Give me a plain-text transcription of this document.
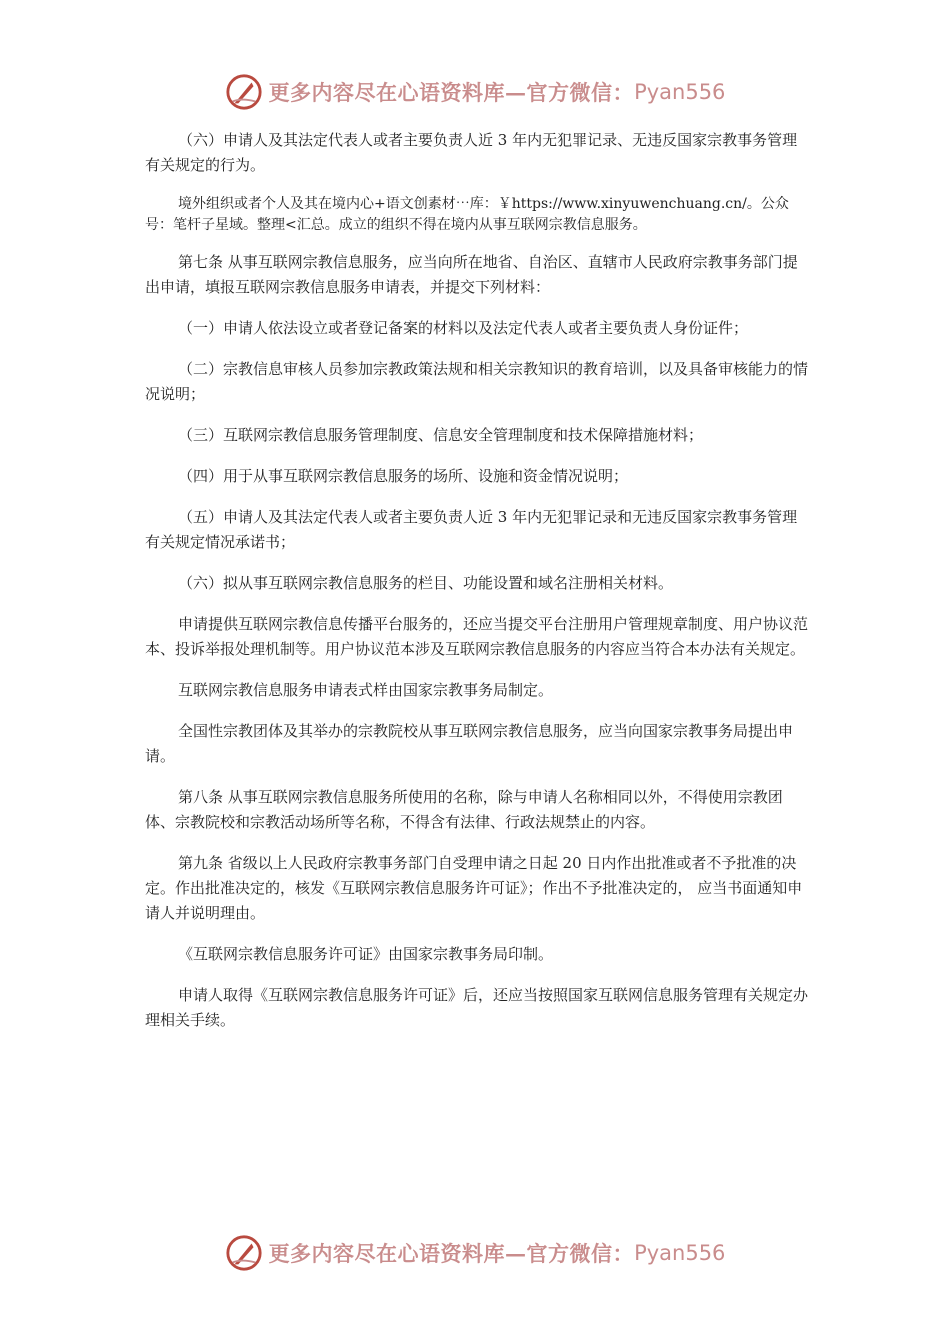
更多内容尽在心语资料库—官方微信： Pyan556

（六）申请人及其法定代表人或者主要负责人近 3 年内无犯罪记录、无违反国家宗教事务管理有关规定的行为。

境外组织或者个人及其在境内心+语文创素材⋯库：￥https://www.xinyuwenchuang.cn/。公众号：笔杆子星域。整理<汇总。成立的组织不得在境内从事互联网宗教信息服务。

第七条 从事互联网宗教信息服务，应当向所在地省、自治区、直辖市人民政府宗教事务部门提出申请，填报互联网宗教信息服务申请表，并提交下列材料：

（一）申请人依法设立或者登记备案的材料以及法定代表人或者主要负责人身份证件；

（二）宗教信息审核人员参加宗教政策法规和相关宗教知识的教育培训，以及具备审核能力的情况说明；

（三）互联网宗教信息服务管理制度、信息安全管理制度和技术保障措施材料；

（四）用于从事互联网宗教信息服务的场所、设施和资金情况说明；

（五）申请人及其法定代表人或者主要负责人近 3 年内无犯罪记录和无违反国家宗教事务管理有关规定情况承诺书；

（六）拟从事互联网宗教信息服务的栏目、功能设置和域名注册相关材料。

申请提供互联网宗教信息传播平台服务的，还应当提交平台注册用户管理规章制度、用户协议范本、投诉举报处理机制等。用户协议范本涉及互联网宗教信息服务的内容应当符合本办法有关规定。

互联网宗教信息服务申请表式样由国家宗教事务局制定。

全国性宗教团体及其举办的宗教院校从事互联网宗教信息服务，应当向国家宗教事务局提出申请。

第八条 从事互联网宗教信息服务所使用的名称，除与申请人名称相同以外，不得使用宗教团体、宗教院校和宗教活动场所等名称，不得含有法律、行政法规禁止的内容。

第九条 省级以上人民政府宗教事务部门自受理申请之日起 20 日内作出批准或者不予批准的决定。作出批准决定的，核发《互联网宗教信息服务许可证》；作出不予批准决定的， 应当书面通知申请人并说明理由。

《互联网宗教信息服务许可证》由国家宗教事务局印制。

申请人取得《互联网宗教信息服务许可证》后，还应当按照国家互联网信息服务管理有关规定办理相关手续。

更多内容尽在心语资料库—官方微信： Pyan556
